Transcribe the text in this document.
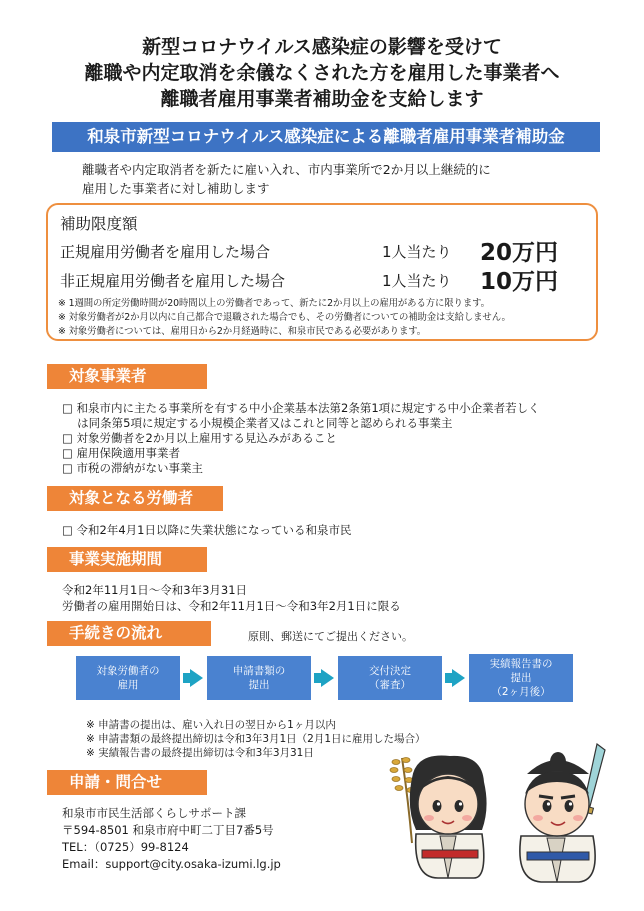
新型コロナウイルス感染症の影響を受けて
離職や内定取消を余儀なくされた方を雇用した事業者へ
離職者雇用事業者補助金を支給します
和泉市新型コロナウイルス感染症による離職者雇用事業者補助金
離職者や内定取消者を新たに雇い入れ、市内事業所で2か月以上継続的に
雇用した事業者に対し補助します
補助限度額
正規雇用労働者を雇用した場合	1人当たり 20万円
非正規雇用労働者を雇用した場合	1人当たり 10万円
※ 1週間の所定労働時間が20時間以上の労働者であって、新たに2か月以上の雇用がある方に限ります。
※ 対象労働者が2か月以内に自己都合で退職された場合でも、その労働者についての補助金は支給しません。
※ 対象労働者については、雇用日から2か月経過時に、和泉市民である必要があります。
対象事業者
□ 和泉市内に主たる事業所を有する中小企業基本法第2条第1項に規定する中小企業者若しく
　 は同条第5項に規定する小規模企業者又はこれと同等と認められる事業主
□ 対象労働者を2か月以上雇用する見込みがあること
□ 雇用保険適用事業者
□ 市税の滞納がない事業主
対象となる労働者
□ 令和2年4月1日以降に失業状態になっている和泉市民
事業実施期間
令和2年11月1日～令和3年3月31日
労働者の雇用開始日は、令和2年11月1日～令和3年2月1日に限る
手続きの流れ	原則、郵送にてご提出ください。
対象労働者の
雇用
申請書類の
提出
交付決定
（審査）
実績報告書の
提出
（2ヶ月後）
※ 申請書の提出は、雇い入れ日の翌日から1ヶ月以内
※ 申請書類の最終提出締切は令和3年3月1日（2月1日に雇用した場合）
※ 実績報告書の最終提出締切は令和3年3月31日
申請・問合せ
和泉市市民生活部くらしサポート課
〒594-8501 和泉市府中町二丁目7番5号
TEL：（0725）99-8124
Email：support@city.osaka-izumi.lg.jp
